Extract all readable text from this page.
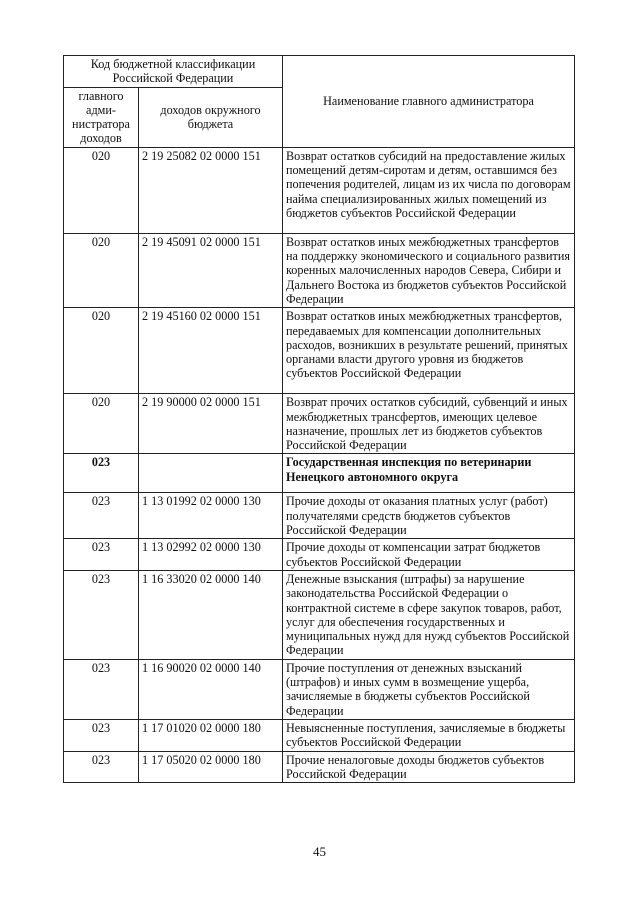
Код бюджетной классификации Российской Федерации		Наименование главного администратора
главного адми-нистратора доходов	доходов окружного бюджета	
020	2 19 25082 02 0000 151	Возврат остатков субсидий на предоставление жилых помещений детям-сиротам и детям, оставшимся без попечения родителей, лицам из их числа по договорам найма специализированных жилых помещений из бюджетов субъектов Российской Федерации
020	2 19 45091 02 0000 151	Возврат остатков иных межбюджетных трансфертов на поддержку экономического и социального развития коренных малочисленных народов Севера, Сибири и Дальнего Востока из бюджетов субъектов Российской Федерации
020	2 19 45160 02 0000 151	Возврат остатков иных межбюджетных трансфертов, передаваемых для компенсации дополнительных расходов, возникших в результате решений, принятых органами власти другого уровня из бюджетов субъектов Российской Федерации
020	2 19 90000 02 0000 151	Возврат прочих остатков субсидий, субвенций и иных межбюджетных трансфертов, имеющих целевое назначение, прошлых лет из бюджетов субъектов Российской Федерации
023		Государственная инспекция по ветеринарии Ненецкого автономного округа
023	1 13 01992 02 0000 130	Прочие доходы от оказания платных услуг (работ) получателями средств бюджетов субъектов Российской Федерации
023	1 13 02992 02 0000 130	Прочие доходы от компенсации затрат бюджетов субъектов Российской Федерации
023	1 16 33020 02 0000 140	Денежные взыскания (штрафы) за нарушение законодательства Российской Федерации о контрактной системе в сфере закупок товаров, работ, услуг для обеспечения государственных и муниципальных нужд для нужд субъектов Российской Федерации
023	1 16 90020 02 0000 140	Прочие поступления от денежных взысканий (штрафов) и иных сумм в возмещение ущерба, зачисляемые в бюджеты субъектов Российской Федерации
023	1 17 01020 02 0000 180	Невыясненные поступления, зачисляемые в бюджеты субъектов Российской Федерации
023	1 17 05020 02 0000 180	Прочие неналоговые доходы бюджетов субъектов Российской Федерации
45
